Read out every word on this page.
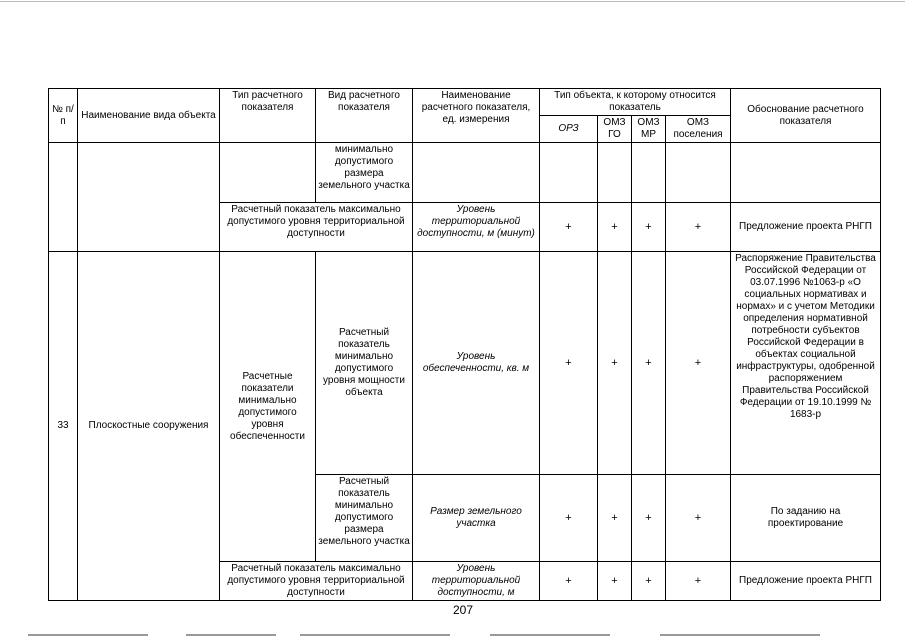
№ п/п	Наименование вида объекта	Тип расчетного показателя	Вид расчетного показателя	Наименование расчетного показателя, ед. измерения	Тип объекта, к которому относится показатель				Обоснование расчетного показателя
					ОРЗ	ОМЗ ГО	ОМЗ МР	ОМЗ поселения	
			минимально допустимого размера земельного участка						
		Расчетный показатель максимально допустимого уровня территориальной доступности		Уровень территориальной доступности, м (минут)	+	+	+	+	Предложение проекта РНГП
33	Плоскостные сооружения	Расчетные показатели минимально допустимого уровня обеспеченности	Расчетный показатель минимально допустимого уровня мощности объекта	Уровень обеспеченности, кв. м	+	+	+	+	Распоряжение Правительства Российской Федерации от 03.07.1996 №1063-р «О социальных нормативах и нормах» и с учетом Методики определения нормативной потребности субъектов Российской Федерации в объектах социальной инфраструктуры, одобренной распоряжением Правительства Российской Федерации от 19.10.1999 № 1683-р
			Расчетный показатель минимально допустимого размера земельного участка	Размер земельного участка	+	+	+	+	По заданию на проектирование
		Расчетный показатель максимально допустимого уровня территориальной доступности		Уровень территориальной доступности, м	+	+	+	+	Предложение проекта РНГП
207
